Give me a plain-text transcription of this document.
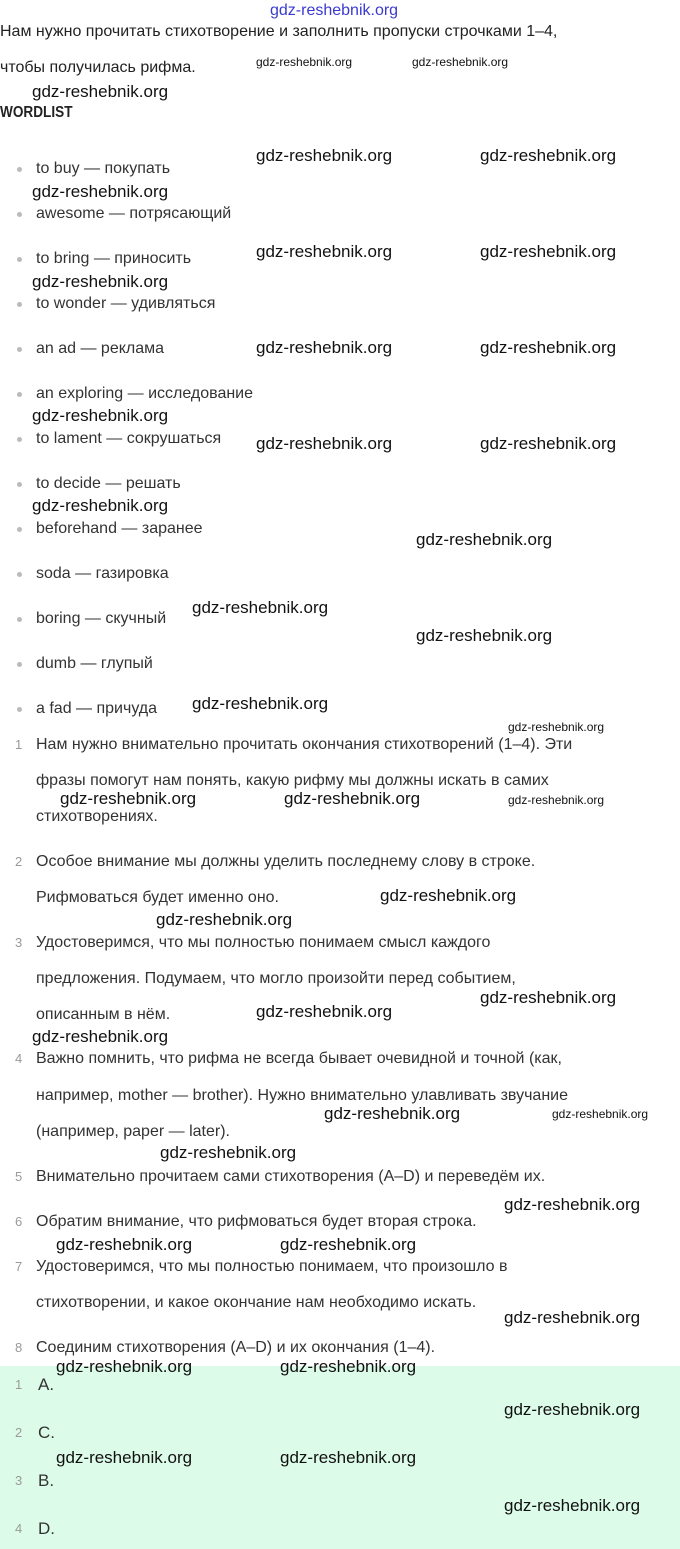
Нам нужно прочитать стихотворение и заполнить пропуски строчками 1–4,
чтобы получилась рифма.
WORDLIST
to buy — покупать
awesome — потрясающий
to bring — приносить
to wonder — удивляться
an ad — реклама
an exploring — исследование
to lament — сокрушаться
to decide — решать
beforehand — заранее
soda — газировка
boring — скучный
dumb — глупый
a fad — причуда
1 Нам нужно внимательно прочитать окончания стихотворений (1–4). Эти
фразы помогут нам понять, какую рифму мы должны искать в самих
стихотворениях.
2 Особое внимание мы должны уделить последнему слову в строке.
Рифмоваться будет именно оно.
3 Удостоверимся, что мы полностью понимаем смысл каждого
предложения. Подумаем, что могло произойти перед событием,
описанным в нём.
4 Важно помнить, что рифма не всегда бывает очевидной и точной (как,
например, mother — brother). Нужно внимательно улавливать звучание
(например, paper — later).
5 Внимательно прочитаем сами стихотворения (A–D) и переведём их.
6 Обратим внимание, что рифмоваться будет вторая строка.
7 Удостоверимся, что мы полностью понимаем, что произошло в
стихотворении, и какое окончание нам необходимо искать.
8 Соединим стихотворения (A–D) и их окончания (1–4).
1 A.
2 C.
3 B.
4 D.
gdz-reshebnik.org
gdz-reshebnik.org	gdz-reshebnik.org
gdz-reshebnik.org
gdz-reshebnik.org	gdz-reshebnik.org
gdz-reshebnik.org
gdz-reshebnik.org	gdz-reshebnik.org
gdz-reshebnik.org
gdz-reshebnik.org	gdz-reshebnik.org
gdz-reshebnik.org
gdz-reshebnik.org	gdz-reshebnik.org
gdz-reshebnik.org
gdz-reshebnik.org
gdz-reshebnik.org
gdz-reshebnik.org
gdz-reshebnik.org
gdz-reshebnik.org
gdz-reshebnik.org	gdz-reshebnik.org	gdz-reshebnik.org
gdz-reshebnik.org
gdz-reshebnik.org
gdz-reshebnik.org
gdz-reshebnik.org
gdz-reshebnik.org
gdz-reshebnik.org	gdz-reshebnik.org
gdz-reshebnik.org
gdz-reshebnik.org
gdz-reshebnik.org	gdz-reshebnik.org
gdz-reshebnik.org
gdz-reshebnik.org	gdz-reshebnik.org
gdz-reshebnik.org
gdz-reshebnik.org	gdz-reshebnik.org
gdz-reshebnik.org
